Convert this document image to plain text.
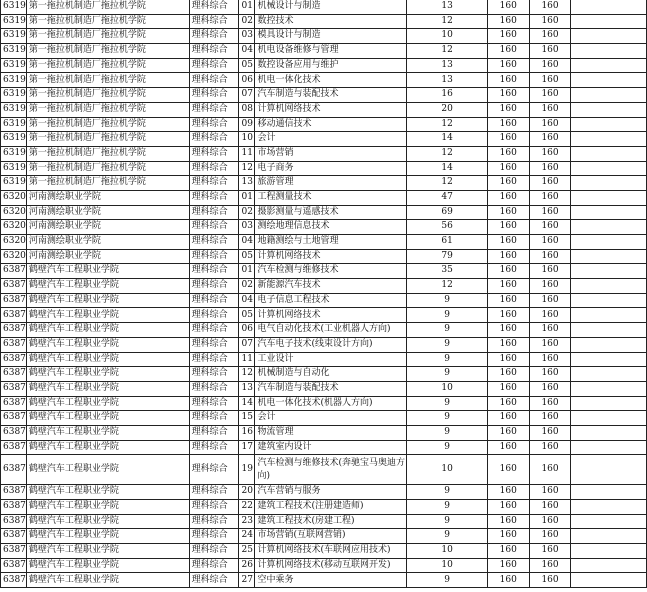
6319	第一拖拉机制造厂拖拉机学院	理科综合	01	机械设计与制造	13	160	160	
6319	第一拖拉机制造厂拖拉机学院	理科综合	02	数控技术	12	160	160	
6319	第一拖拉机制造厂拖拉机学院	理科综合	03	模具设计与制造	10	160	160	
6319	第一拖拉机制造厂拖拉机学院	理科综合	04	机电设备维修与管理	12	160	160	
6319	第一拖拉机制造厂拖拉机学院	理科综合	05	数控设备应用与维护	13	160	160	
6319	第一拖拉机制造厂拖拉机学院	理科综合	06	机电一体化技术	13	160	160	
6319	第一拖拉机制造厂拖拉机学院	理科综合	07	汽车制造与装配技术	16	160	160	
6319	第一拖拉机制造厂拖拉机学院	理科综合	08	计算机网络技术	20	160	160	
6319	第一拖拉机制造厂拖拉机学院	理科综合	09	移动通信技术	12	160	160	
6319	第一拖拉机制造厂拖拉机学院	理科综合	10	会计	14	160	160	
6319	第一拖拉机制造厂拖拉机学院	理科综合	11	市场营销	12	160	160	
6319	第一拖拉机制造厂拖拉机学院	理科综合	12	电子商务	14	160	160	
6319	第一拖拉机制造厂拖拉机学院	理科综合	13	旅游管理	12	160	160	
6320	河南测绘职业学院	理科综合	01	工程测量技术	47	160	160	
6320	河南测绘职业学院	理科综合	02	摄影测量与遥感技术	69	160	160	
6320	河南测绘职业学院	理科综合	03	测绘地理信息技术	56	160	160	
6320	河南测绘职业学院	理科综合	04	地籍测绘与土地管理	61	160	160	
6320	河南测绘职业学院	理科综合	05	计算机网络技术	79	160	160	
6387	鹤壁汽车工程职业学院	理科综合	01	汽车检测与维修技术	35	160	160	
6387	鹤壁汽车工程职业学院	理科综合	02	新能源汽车技术	12	160	160	
6387	鹤壁汽车工程职业学院	理科综合	04	电子信息工程技术	9	160	160	
6387	鹤壁汽车工程职业学院	理科综合	05	计算机网络技术	9	160	160	
6387	鹤壁汽车工程职业学院	理科综合	06	电气自动化技术(工业机器人方向)	9	160	160	
6387	鹤壁汽车工程职业学院	理科综合	07	汽车电子技术(线束设计方向)	9	160	160	
6387	鹤壁汽车工程职业学院	理科综合	11	工业设计	9	160	160	
6387	鹤壁汽车工程职业学院	理科综合	12	机械制造与自动化	9	160	160	
6387	鹤壁汽车工程职业学院	理科综合	13	汽车制造与装配技术	10	160	160	
6387	鹤壁汽车工程职业学院	理科综合	14	机电一体化技术(机器人方向)	9	160	160	
6387	鹤壁汽车工程职业学院	理科综合	15	会计	9	160	160	
6387	鹤壁汽车工程职业学院	理科综合	16	物流管理	9	160	160	
6387	鹤壁汽车工程职业学院	理科综合	17	建筑室内设计	9	160	160	
6387	鹤壁汽车工程职业学院	理科综合	19	汽车检测与维修技术(奔驰宝马奥迪方向)	10	160	160	
6387	鹤壁汽车工程职业学院	理科综合	20	汽车营销与服务	9	160	160	
6387	鹤壁汽车工程职业学院	理科综合	22	建筑工程技术(注册建造师)	9	160	160	
6387	鹤壁汽车工程职业学院	理科综合	23	建筑工程技术(房建工程)	9	160	160	
6387	鹤壁汽车工程职业学院	理科综合	24	市场营销(互联网营销)	9	160	160	
6387	鹤壁汽车工程职业学院	理科综合	25	计算机网络技术(车联网应用技术)	10	160	160	
6387	鹤壁汽车工程职业学院	理科综合	26	计算机网络技术(移动互联网开发)	10	160	160	
6387	鹤壁汽车工程职业学院	理科综合	27	空中乘务	9	160	160	
